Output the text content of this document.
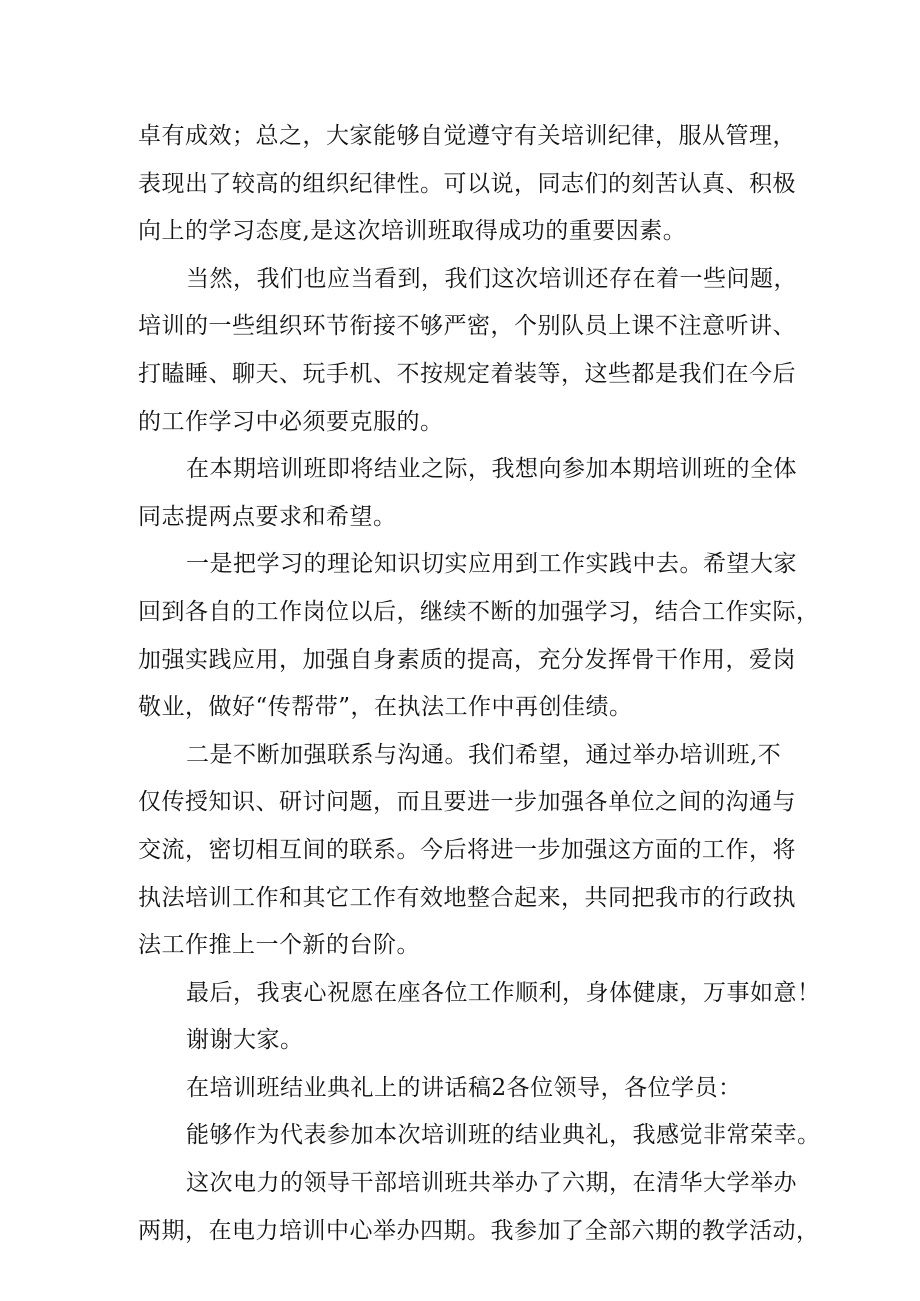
卓有成效；总之，大家能够自觉遵守有关培训纪律，服从管理，

表现出了较高的组织纪律性。可以说，同志们的刻苦认真、积极

向上的学习态度,是这次培训班取得成功的重要因素。

当然，我们也应当看到，我们这次培训还存在着一些问题，

培训的一些组织环节衔接不够严密，个别队员上课不注意听讲、

打瞌睡、聊天、玩手机、不按规定着装等，这些都是我们在今后

的工作学习中必须要克服的。

在本期培训班即将结业之际，我想向参加本期培训班的全体

同志提两点要求和希望。

一是把学习的理论知识切实应用到工作实践中去。希望大家

回到各自的工作岗位以后，继续不断的加强学习，结合工作实际，

加强实践应用，加强自身素质的提高，充分发挥骨干作用，爱岗

敬业，做好“传帮带”，在执法工作中再创佳绩。

二是不断加强联系与沟通。我们希望，通过举办培训班,不

仅传授知识、研讨问题，而且要进一步加强各单位之间的沟通与

交流，密切相互间的联系。今后将进一步加强这方面的工作，将

执法培训工作和其它工作有效地整合起来，共同把我市的行政执

法工作推上一个新的台阶。

最后，我衷心祝愿在座各位工作顺利，身体健康，万事如意！

谢谢大家。

在培训班结业典礼上的讲话稿2各位领导，各位学员：

能够作为代表参加本次培训班的结业典礼，我感觉非常荣幸。

这次电力的领导干部培训班共举办了六期，在清华大学举办

两期，在电力培训中心举办四期。我参加了全部六期的教学活动，
